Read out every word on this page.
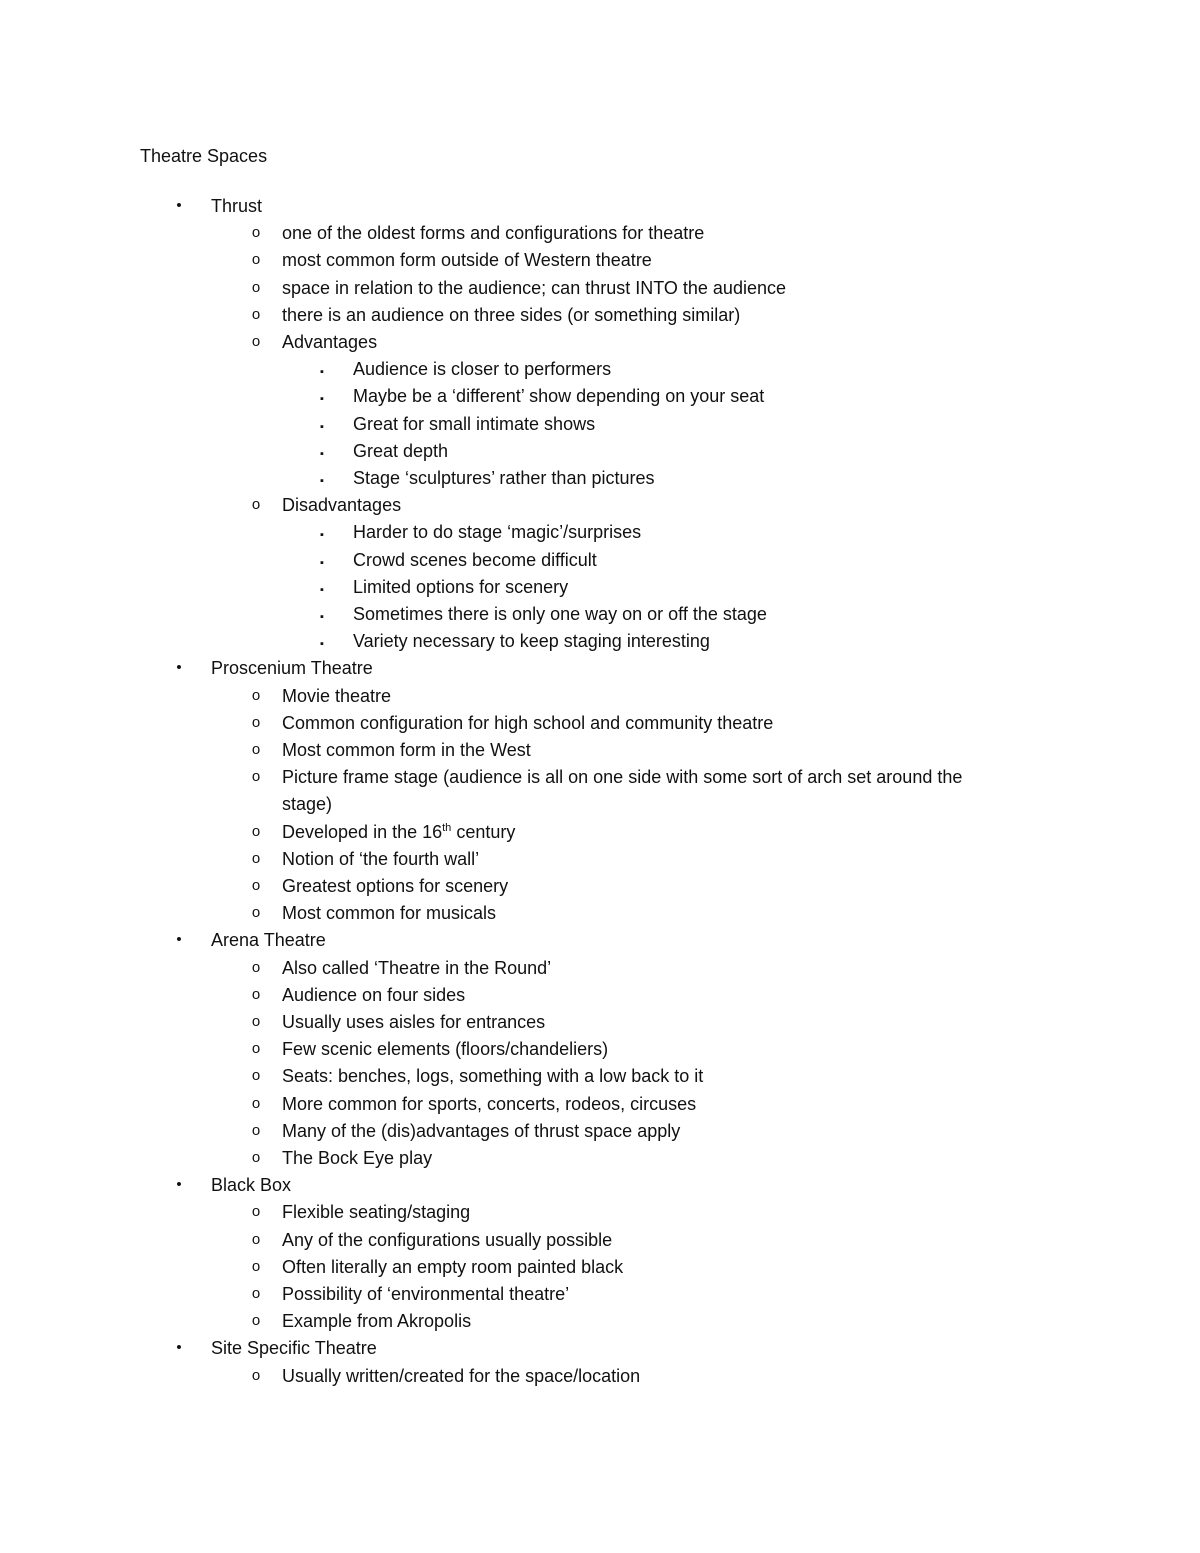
Theatre Spaces
•	Thrust
o	one of the oldest forms and configurations for theatre
o	most common form outside of Western theatre
o	space in relation to the audience; can thrust INTO the audience
o	there is an audience on three sides (or something similar)
o	Advantages
▪	Audience is closer to performers
▪	Maybe be a ‘different’ show depending on your seat
▪	Great for small intimate shows
▪	Great depth
▪	Stage ‘sculptures’ rather than pictures
o	Disadvantages
▪	Harder to do stage ‘magic’/surprises
▪	Crowd scenes become difficult
▪	Limited options for scenery
▪	Sometimes there is only one way on or off the stage
▪	Variety necessary to keep staging interesting
•	Proscenium Theatre
o	Movie theatre
o	Common configuration for high school and community theatre
o	Most common form in the West
o	Picture frame stage (audience is all on one side with some sort of arch set around the
stage)
o	Developed in the 16th century
o	Notion of ‘the fourth wall’
o	Greatest options for scenery
o	Most common for musicals
•	Arena Theatre
o	Also called ‘Theatre in the Round’
o	Audience on four sides
o	Usually uses aisles for entrances
o	Few scenic elements (floors/chandeliers)
o	Seats: benches, logs, something with a low back to it
o	More common for sports, concerts, rodeos, circuses
o	Many of the (dis)advantages of thrust space apply
o	The Bock Eye play
•	Black Box
o	Flexible seating/staging
o	Any of the configurations usually possible
o	Often literally an empty room painted black
o	Possibility of ‘environmental theatre’
o	Example from Akropolis
•	Site Specific Theatre
o	Usually written/created for the space/location
